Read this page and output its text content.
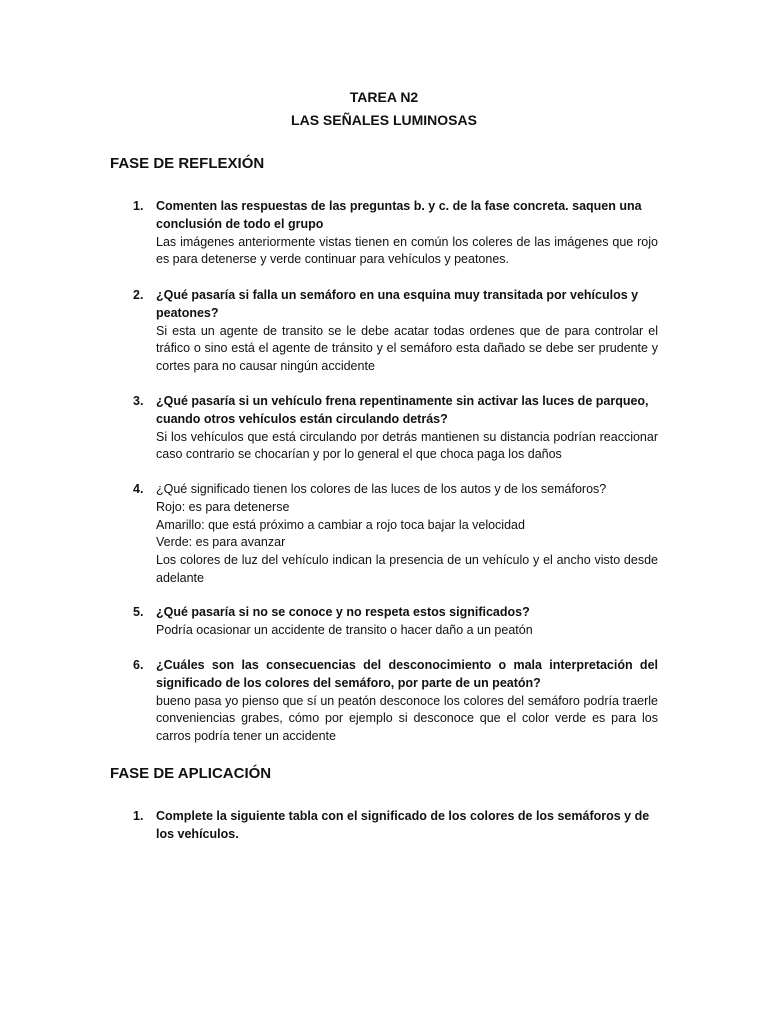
TAREA N2
LAS SEÑALES LUMINOSAS
FASE DE REFLEXIÓN
1. Comenten las respuestas de las preguntas b. y c. de la fase concreta. saquen una conclusión de todo el grupo
Las imágenes anteriormente vistas tienen en común los coleres de las imágenes que rojo es para detenerse y verde continuar para vehículos y peatones.
2. ¿Qué pasaría si falla un semáforo en una esquina muy transitada por vehículos y peatones?
Si esta un agente de transito se le debe acatar todas ordenes que de para controlar el tráfico o sino está el agente de tránsito y el semáforo esta dañado se debe ser prudente y cortes para no causar ningún accidente
3. ¿Qué pasaría si un vehículo frena repentinamente sin activar las luces de parqueo, cuando otros vehículos están circulando detrás?
Si los vehículos que está circulando por detrás mantienen su distancia podrían reaccionar caso contrario se chocarían y por lo general el que choca paga los daños
4. ¿Qué significado tienen los colores de las luces de los autos y de los semáforos?
Rojo: es para detenerse
Amarillo: que está próximo a cambiar a rojo toca bajar la velocidad
Verde: es para avanzar
Los colores de luz del vehículo indican la presencia de un vehículo y el ancho visto desde adelante
5. ¿Qué pasaría si no se conoce y no respeta estos significados?
Podría ocasionar un accidente de transito o hacer daño a un peatón
6. ¿Cuáles son las consecuencias del desconocimiento o mala interpretación del significado de los colores del semáforo, por parte de un peatón?
bueno pasa yo pienso que sí un peatón desconoce los colores del semáforo podría traerle conveniencias grabes, cómo por ejemplo si desconoce que el color verde es para los carros podría tener un accidente
FASE DE APLICACIÓN
1. Complete la siguiente tabla con el significado de los colores de los semáforos y de los vehículos.
